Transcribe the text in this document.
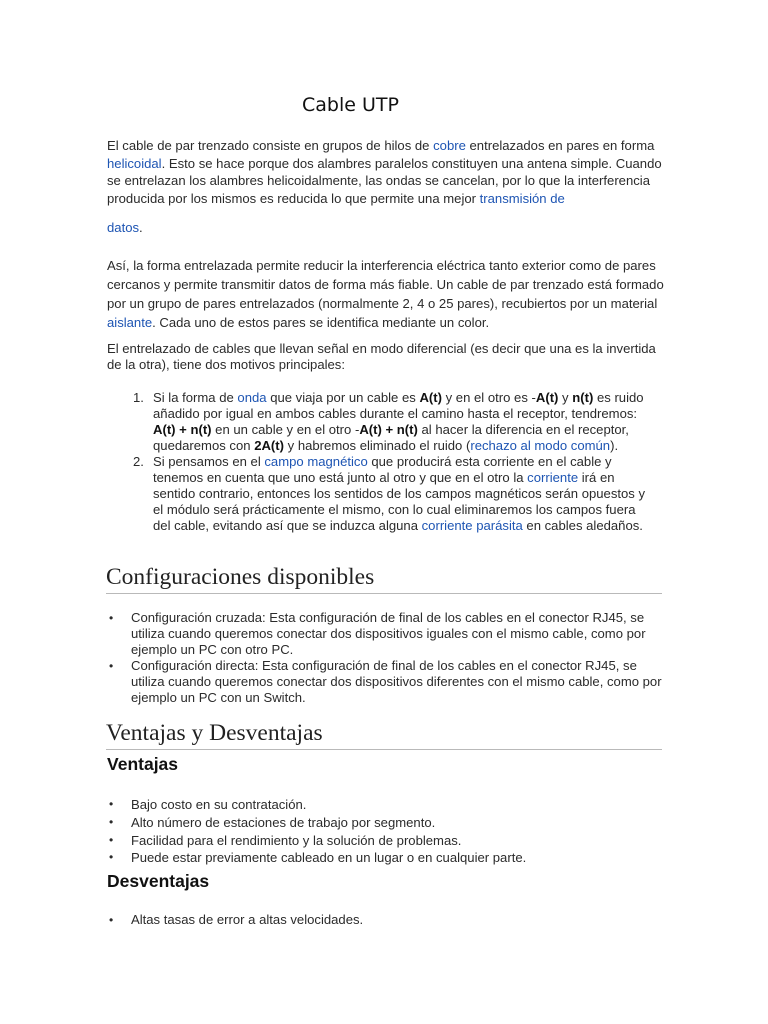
Cable UTP

El cable de par trenzado consiste en grupos de hilos de cobre entrelazados en pares en forma helicoidal. Esto se hace porque dos alambres paralelos constituyen una antena simple. Cuando se entrelazan los alambres helicoidalmente, las ondas se cancelan, por lo que la interferencia producida por los mismos es reducida lo que permite una mejor transmisión de

datos.

Así, la forma entrelazada permite reducir la interferencia eléctrica tanto exterior como de pares cercanos y permite transmitir datos de forma más fiable. Un cable de par trenzado está formado por un grupo de pares entrelazados (normalmente 2, 4 o 25 pares), recubiertos por un material aislante. Cada uno de estos pares se identifica mediante un color.

El entrelazado de cables que llevan señal en modo diferencial (es decir que una es la invertida de la otra), tiene dos motivos principales:

1. Si la forma de onda que viaja por un cable es A(t) y en el otro es -A(t) y n(t) es ruido añadido por igual en ambos cables durante el camino hasta el receptor, tendremos: A(t) + n(t) en un cable y en el otro -A(t) + n(t) al hacer la diferencia en el receptor, quedaremos con 2A(t) y habremos eliminado el ruido (rechazo al modo común).
2. Si pensamos en el campo magnético que producirá esta corriente en el cable y tenemos en cuenta que uno está junto al otro y que en el otro la corriente irá en sentido contrario, entonces los sentidos de los campos magnéticos serán opuestos y el módulo será prácticamente el mismo, con lo cual eliminaremos los campos fuera del cable, evitando así que se induzca alguna corriente parásita en cables aledaños.
Configuraciones disponibles
• Configuración cruzada: Esta configuración de final de los cables en el conector RJ45, se utiliza cuando queremos conectar dos dispositivos iguales con el mismo cable, como por ejemplo un PC con otro PC.
• Configuración directa: Esta configuración de final de los cables en el conector RJ45, se utiliza cuando queremos conectar dos dispositivos diferentes con el mismo cable, como por ejemplo un PC con un Switch.
Ventajas y Desventajas
Ventajas
• Bajo costo en su contratación.
• Alto número de estaciones de trabajo por segmento.
• Facilidad para el rendimiento y la solución de problemas.
• Puede estar previamente cableado en un lugar o en cualquier parte.
Desventajas
• Altas tasas de error a altas velocidades.
